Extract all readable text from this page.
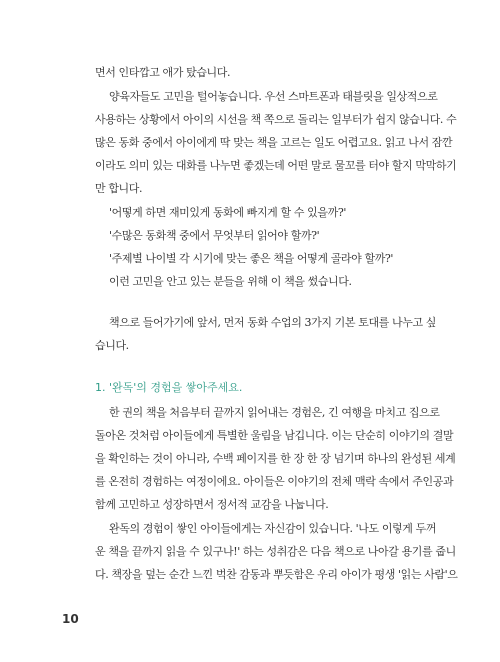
면서 인타깝고 애가 탔습니다.
양육자들도 고민을 털어놓습니다. 우선 스마트폰과 태블릿을 일상적으로
사용하는 상황에서 아이의 시선을 책 쪽으로 돌리는 일부터가 쉽지 않습니다. 수
많은 동화 중에서 아이에게 딱 맞는 책을 고르는 일도 어렵고요. 읽고 나서 잠깐
이라도 의미 있는 대화를 나누면 좋겠는데 어떤 말로 물꼬를 터야 할지 막막하기
만 합니다.
'어떻게 하면 재미있게 동화에 빠지게 할 수 있을까?'
'수많은 동화책 중에서 무엇부터 읽어야 할까?'
'주제별 나이별 각 시기에 맞는 좋은 책을 어떻게 골라야 할까?'
이런 고민을 안고 있는 분들을 위해 이 책을 썼습니다.
책으로 들어가기에 앞서, 먼저 동화 수업의 3가지 기본 토대를 나누고 싶
습니다.
1. '완독'의 경험을 쌓아주세요.
한 권의 책을 처음부터 끝까지 읽어내는 경험은, 긴 여행을 마치고 집으로
돌아온 것처럼 아이들에게 특별한 울림을 남깁니다. 이는 단순히 이야기의 결말
을 확인하는 것이 아니라, 수백 페이지를 한 장 한 장 넘기며 하나의 완성된 세계
를 온전히 경험하는 여정이에요. 아이들은 이야기의 전체 맥락 속에서 주인공과
함께 고민하고 성장하면서 정서적 교감을 나눕니다.
완독의 경험이 쌓인 아이들에게는 자신감이 있습니다. '나도 이렇게 두꺼
운 책을 끝까지 읽을 수 있구나!' 하는 성취감은 다음 책으로 나아갈 용기를 줍니
다. 책장을 덮는 순간 느낀 벅찬 감동과 뿌듯함은 우리 아이가 평생 '읽는 사람'으
10
